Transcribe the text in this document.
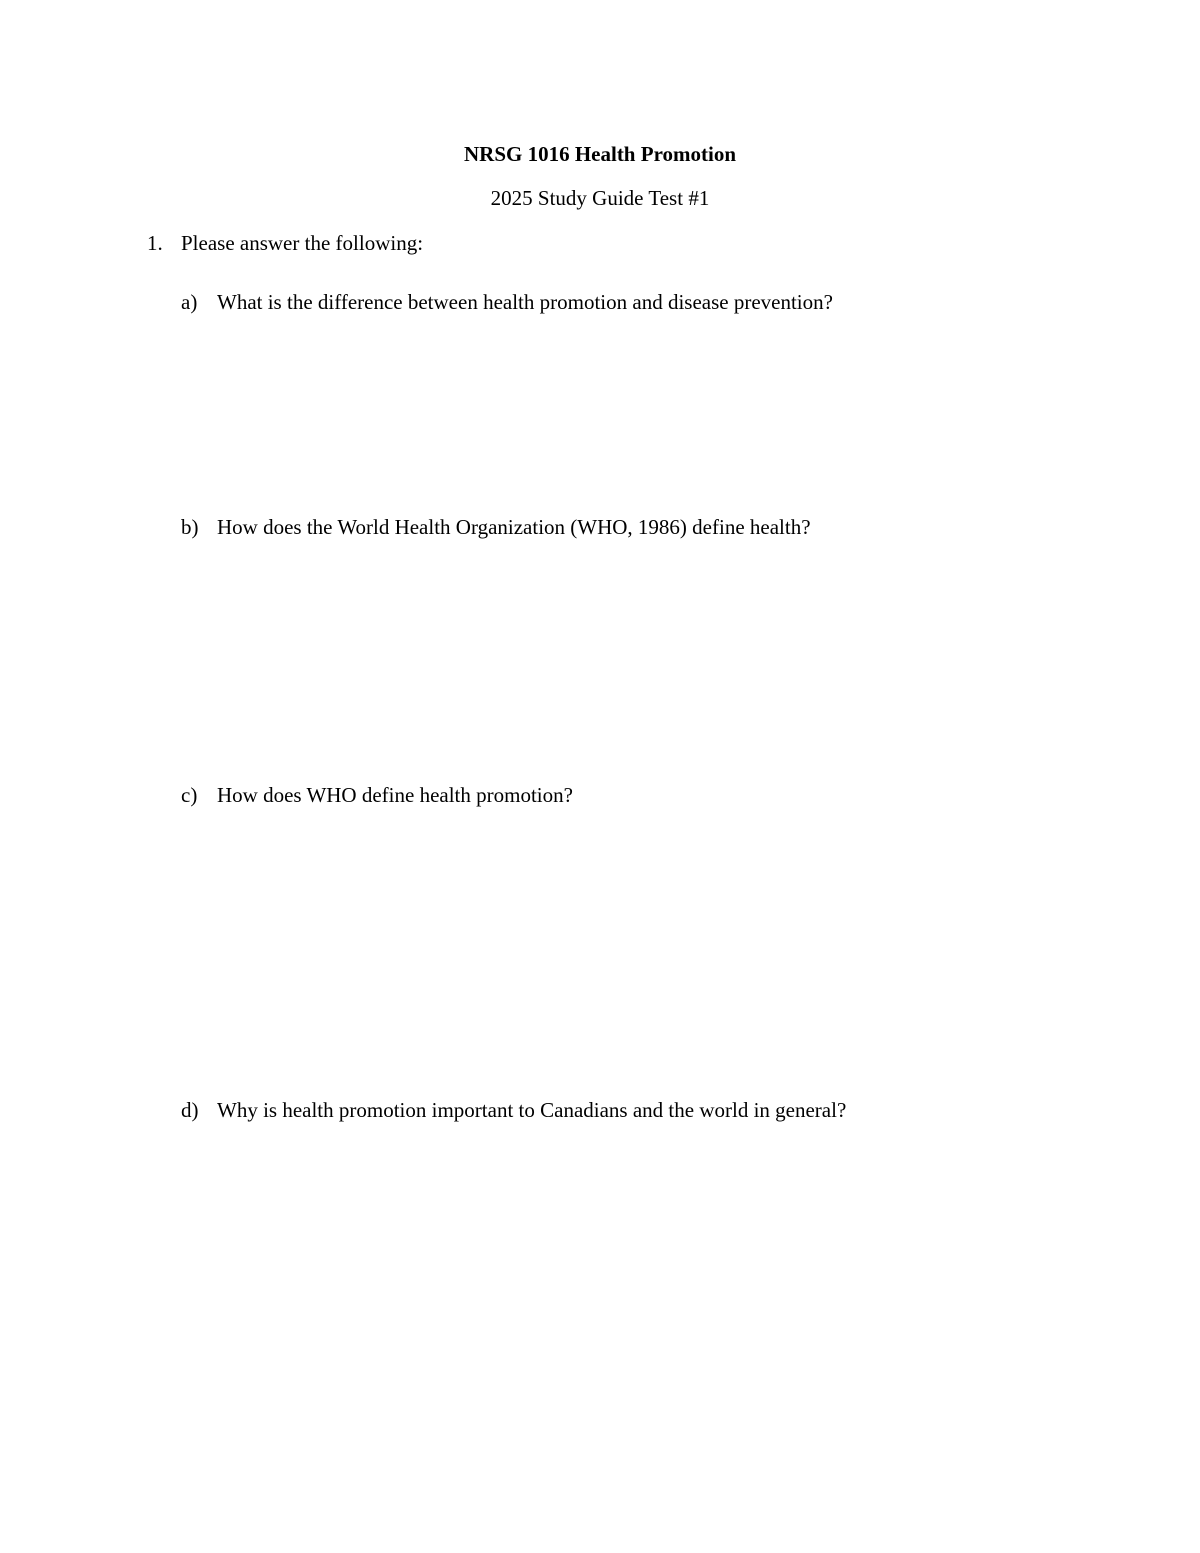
NRSG 1016 Health Promotion
2025 Study Guide Test #1
1. Please answer the following:
a) What is the difference between health promotion and disease prevention?
b) How does the World Health Organization (WHO, 1986) define health?
c) How does WHO define health promotion?
d) Why is health promotion important to Canadians and the world in general?
